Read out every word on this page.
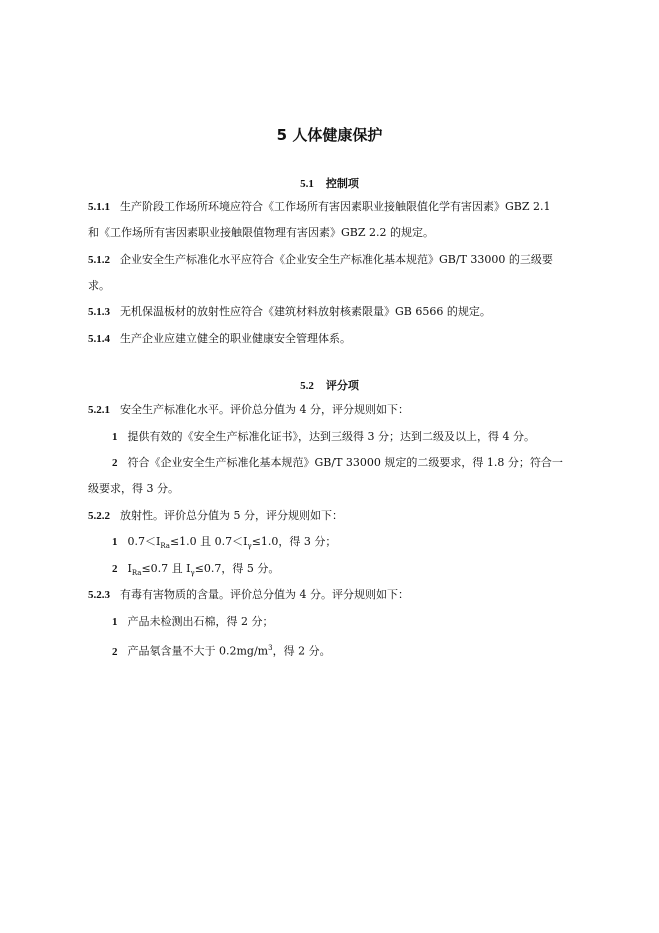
5 人体健康保护
5.1 控制项
5.1.1 生产阶段工作场所环境应符合《工作场所有害因素职业接触限值化学有害因素》GBZ 2.1
和《工作场所有害因素职业接触限值物理有害因素》GBZ 2.2 的规定。
5.1.2 企业安全生产标准化水平应符合《企业安全生产标准化基本规范》GB/T 33000 的三级要
求。
5.1.3 无机保温板材的放射性应符合《建筑材料放射核素限量》GB 6566 的规定。
5.1.4 生产企业应建立健全的职业健康安全管理体系。
5.2 评分项
5.2.1 安全生产标准化水平。评价总分值为 4 分，评分规则如下：
1 提供有效的《安全生产标准化证书》，达到三级得 3 分；达到二级及以上，得 4 分。
2 符合《企业安全生产标准化基本规范》GB/T 33000 规定的二级要求，得 1.8 分；符合一
级要求，得 3 分。
5.2.2 放射性。评价总分值为 5 分，评分规则如下：
1 $0.7<I_{Ra}\le 1.0$ 且 $0.7<I_\gamma\le 1.0$，得 3 分；
2 $I_{Ra}\le 0.7$ 且 $I_\gamma\le 0.7$，得 5 分。
5.2.3 有毒有害物质的含量。评价总分值为 4 分。评分规则如下：
1 产品未检测出石棉，得 2 分；
2 产品氡含量不大于 $0.2mg/m^3$，得 2 分。
